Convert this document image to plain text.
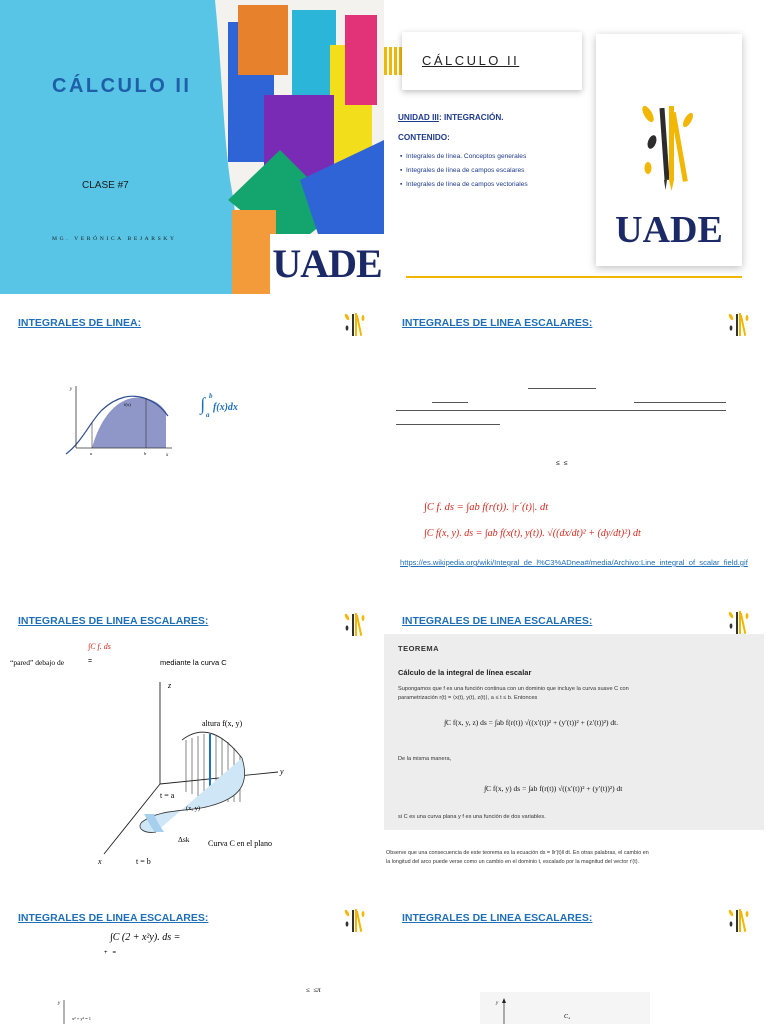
CÁLCULO II
CLASE #7
MG. VERÓNICA BEJARSKY
UADE
CÁLCULO II
UNIDAD III: INTEGRACIÓN.
CONTENIDO:
▪  Integrales de línea. Conceptos generales
▪  Integrales de línea de campos escalares
▪  Integrales de línea de campos vectoriales
UADE
INTEGRALES DE LINEA:
y
x
f(x)
a	b
∫ b
a
f(x)dx
INTEGRALES DE LINEA ESCALARES:
≤  ≤
∫C f. ds = ∫ab f(r(t)). |r´(t)|. dt
∫C f(x, y). ds = ∫ab f(x(t), y(t)). √((dx/dt)² + (dy/dt)²) dt
https://es.wikipedia.org/wiki/Integral_de_l%C3%ADnea#/media/Archivo:Line_integral_of_scalar_field.gif
INTEGRALES DE LINEA ESCALARES:
∫C f. ds
“pared” debajo de	=	mediante la curva C
altura f(x, y)
z
y
x
t = a
(x, y)
Δsk Curva C en el plano
t = b
INTEGRALES DE LINEA ESCALARES:
TEOREMA
Cálculo de la integral de línea escalar
Supongamos que f es una función continua con un dominio que incluye la curva suave C con
parametrización r(t) = ⟨x(t), y(t), z(t)⟩, a ≤ t ≤ b. Entonces
∫C f(x, y, z) ds = ∫ab f(r(t)) √((x′(t))² + (y′(t))² + (z′(t))²) dt.
De la misma manera,
∫C f(x, y) ds = ∫ab f(r(t)) √((x′(t))² + (y′(t))²) dt
si C es una curva plana y f es una función de dos variables.
Observe que una consecuencia de este teorema es la ecuación ds = ‖r′(t)‖ dt. En otras palabras, el cambio en
la longitud del arco puede verse como un cambio en el dominio t, escalado por la magnitud del vector r′(t).
INTEGRALES DE LINEA ESCALARES:
∫C (2 + x²y). ds =
+   =
≤  ≤π
y
x² + y² = 1
INTEGRALES DE LINEA ESCALARES:
y
C₄
